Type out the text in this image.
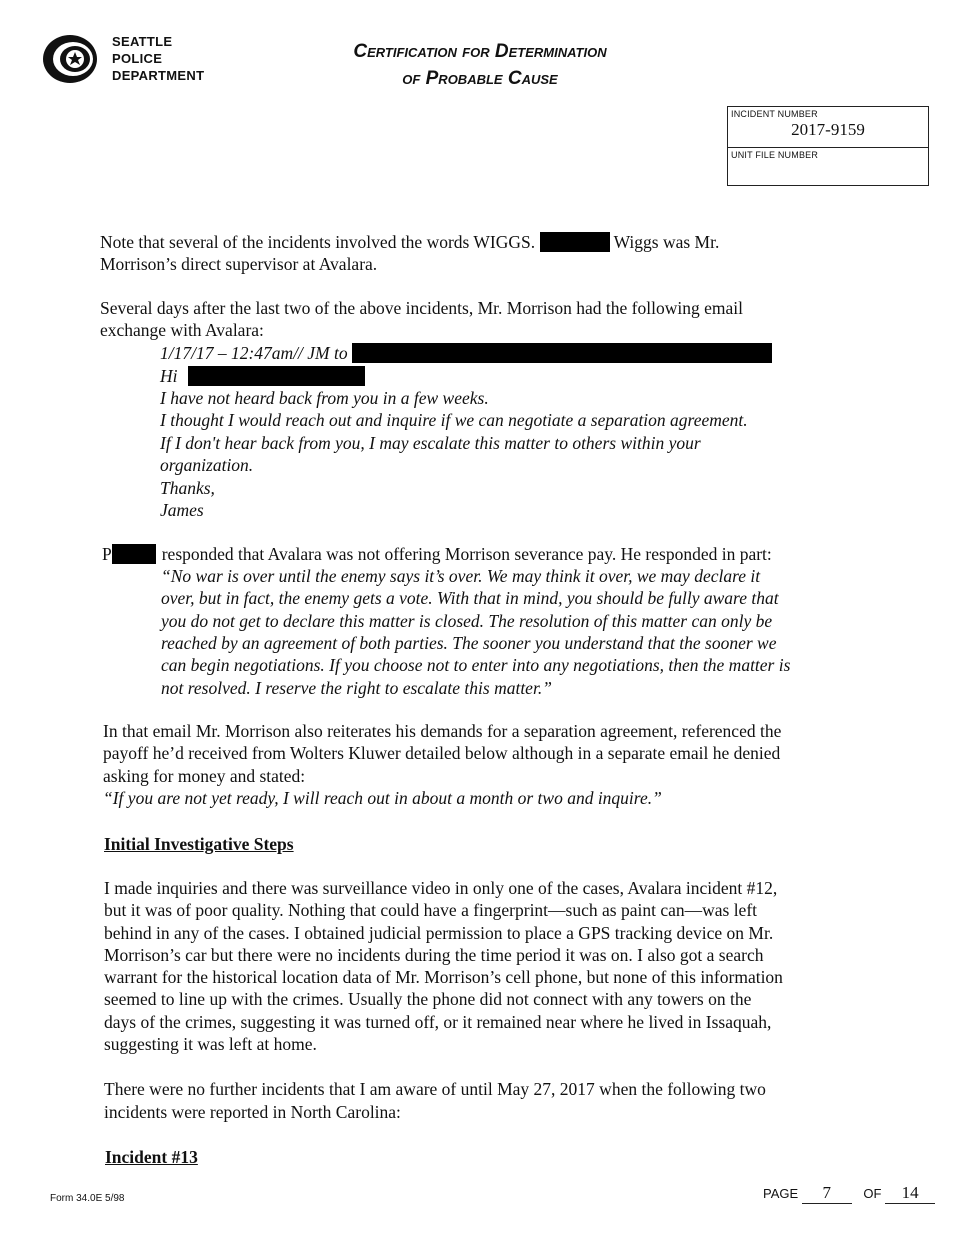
SEATTLE
POLICE
DEPARTMENT
Certification for Determination
of Probable Cause
INCIDENT NUMBER
2017-9159
UNIT FILE NUMBER
Note that several of the incidents involved the words WIGGS.	Wiggs was Mr.
Morrison’s direct supervisor at Avalara.
Several days after the last two of the above incidents, Mr. Morrison had the following email
exchange with Avalara:
1/17/17 – 12:47am// JM to
Hi
I have not heard back from you in a few weeks.
I thought I would reach out and inquire if we can negotiate a separation agreement.
If I don't hear back from you, I may escalate this matter to others within your
organization.
Thanks,
James
P	responded that Avalara was not offering Morrison severance pay. He responded in part:
“No war is over until the enemy says it’s over. We may think it over, we may declare it
over, but in fact, the enemy gets a vote. With that in mind, you should be fully aware that
you do not get to declare this matter is closed. The resolution of this matter can only be
reached by an agreement of both parties. The sooner you understand that the sooner we
can begin negotiations. If you choose not to enter into any negotiations, then the matter is
not resolved. I reserve the right to escalate this matter.”
In that email Mr. Morrison also reiterates his demands for a separation agreement, referenced the
payoff he’d received from Wolters Kluwer detailed below although in a separate email he denied
asking for money and stated:
“If you are not yet ready, I will reach out in about a month or two and inquire.”
Initial Investigative Steps
I made inquiries and there was surveillance video in only one of the cases, Avalara incident #12,
but it was of poor quality. Nothing that could have a fingerprint—such as paint can—was left
behind in any of the cases. I obtained judicial permission to place a GPS tracking device on Mr.
Morrison’s car but there were no incidents during the time period it was on. I also got a search
warrant for the historical location data of Mr. Morrison’s cell phone, but none of this information
seemed to line up with the crimes. Usually the phone did not connect with any towers on the
days of the crimes, suggesting it was turned off, or it remained near where he lived in Issaquah,
suggesting it was left at home.
There were no further incidents that I am aware of until May 27, 2017 when the following two
incidents were reported in North Carolina:
Incident #13
Form 34.0E 5/98	PAGE 7 OF 14
